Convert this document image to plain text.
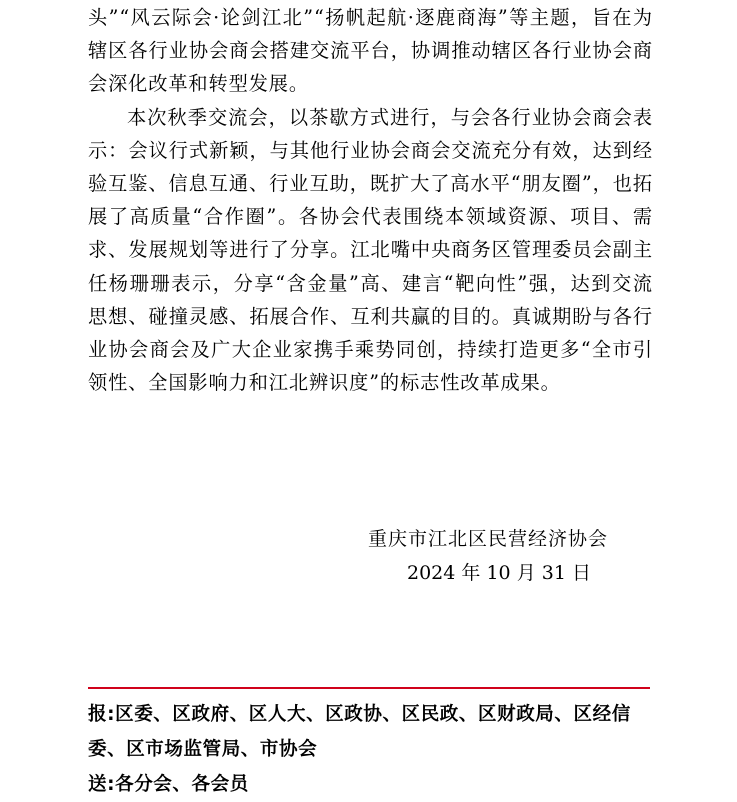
头”“风云际会·论剑江北”“扬帆起航·逐鹿商海”等主题，旨在为辖区各行业协会商会搭建交流平台，协调推动辖区各行业协会商会深化改革和转型发展。

本次秋季交流会，以茶歇方式进行，与会各行业协会商会表示：会议行式新颖，与其他行业协会商会交流充分有效，达到经验互鉴、信息互通、行业互助，既扩大了高水平“朋友圈”，也拓展了高质量“合作圈”。各协会代表围绕本领域资源、项目、需求、发展规划等进行了分享。江北嘴中央商务区管理委员会副主任杨珊珊表示，分享“含金量”高、建言“靶向性”强，达到交流思想、碰撞灵感、拓展合作、互利共赢的目的。真诚期盼与各行业协会商会及广大企业家携手乘势同创，持续打造更多“全市引领性、全国影响力和江北辨识度”的标志性改革成果。

重庆市江北区民营经济协会
2024 年 10 月 31 日

报:区委、区政府、区人大、区政协、区民政、区财政局、区经信委、区市场监管局、市协会

送:各分会、各会员
